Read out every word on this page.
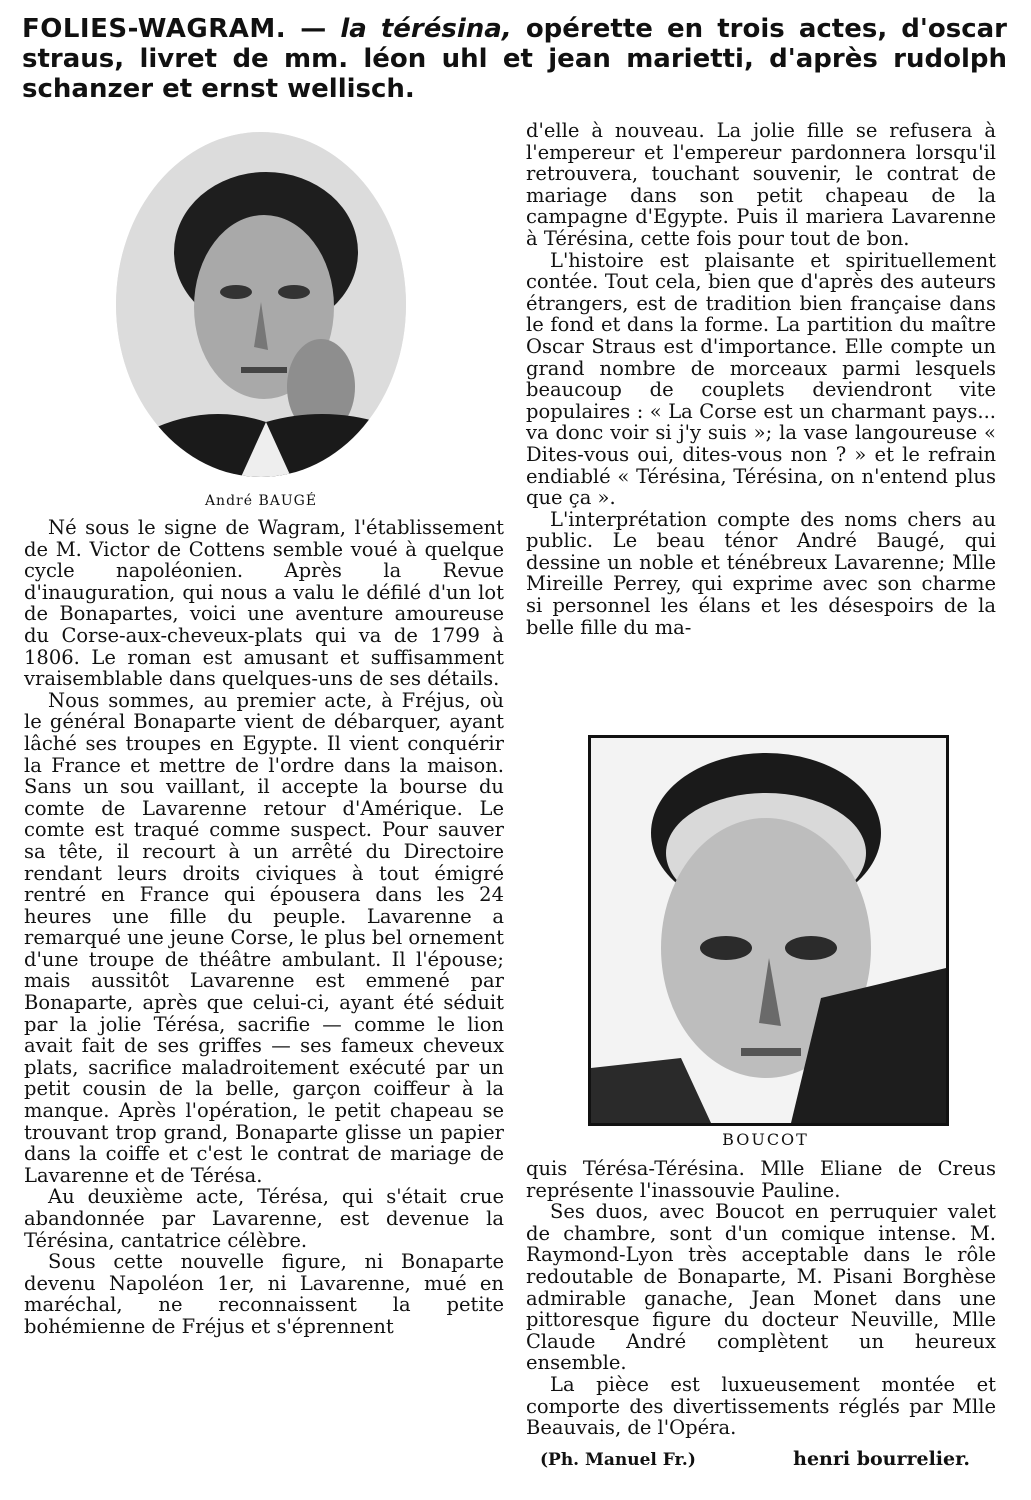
FOLIES-WAGRAM. — la térésina, opérette en trois actes, d'oscar straus, livret de mm. léon uhl et jean marietti, d'après rudolph schanzer et ernst wellisch.
André BAUGÉ

Né sous le signe de Wagram, l'établissement de M. Victor de Cottens semble voué à quelque cycle napoléonien. Après la Revue d'inauguration, qui nous a valu le défilé d'un lot de Bonapartes, voici une aventure amoureuse du Corse-aux-cheveux-plats qui va de 1799 à 1806. Le roman est amusant et suffisamment vraisemblable dans quelques-uns de ses détails.

Nous sommes, au premier acte, à Fréjus, où le général Bonaparte vient de débarquer, ayant lâché ses troupes en Egypte. Il vient conquérir la France et mettre de l'ordre dans la maison. Sans un sou vaillant, il accepte la bourse du comte de Lavarenne retour d'Amérique. Le comte est traqué comme suspect. Pour sauver sa tête, il recourt à un arrêté du Directoire rendant leurs droits civiques à tout émigré rentré en France qui épousera dans les 24 heures une fille du peuple. Lavarenne a remarqué une jeune Corse, le plus bel ornement d'une troupe de théâtre ambulant. Il l'épouse; mais aussitôt Lavarenne est emmené par Bonaparte, après que celui-ci, ayant été séduit par la jolie Térésa, sacrifie — comme le lion avait fait de ses griffes — ses fameux cheveux plats, sacrifice maladroitement exécuté par un petit cousin de la belle, garçon coiffeur à la manque. Après l'opération, le petit chapeau se trouvant trop grand, Bonaparte glisse un papier dans la coiffe et c'est le contrat de mariage de Lavarenne et de Térésa.

Au deuxième acte, Térésa, qui s'était crue abandonnée par Lavarenne, est devenue la Térésina, cantatrice célèbre.

Sous cette nouvelle figure, ni Bonaparte devenu Napoléon 1er, ni Lavarenne, mué en maréchal, ne reconnaissent la petite bohémienne de Fréjus et s'éprennent

d'elle à nouveau. La jolie fille se refusera à l'empereur et l'empereur pardonnera lorsqu'il retrouvera, touchant souvenir, le contrat de mariage dans son petit chapeau de la campagne d'Egypte. Puis il mariera Lavarenne à Térésina, cette fois pour tout de bon.

L'histoire est plaisante et spirituellement contée. Tout cela, bien que d'après des auteurs étrangers, est de tradition bien française dans le fond et dans la forme. La partition du maître Oscar Straus est d'importance. Elle compte un grand nombre de morceaux parmi lesquels beaucoup de couplets deviendront vite populaires : « La Corse est un charmant pays... va donc voir si j'y suis »; la vase langoureuse « Dites-vous oui, dites-vous non ? » et le refrain endiablé « Térésina, Térésina, on n'entend plus que ça ».

L'interprétation compte des noms chers au public. Le beau ténor André Baugé, qui dessine un noble et ténébreux Lavarenne; Mlle Mireille Perrey, qui exprime avec son charme si personnel les élans et les désespoirs de la belle fille du ma-

BOUCOT

quis Térésa-Térésina. Mlle Eliane de Creus représente l'inassouvie Pauline.

Ses duos, avec Boucot en perruquier valet de chambre, sont d'un comique intense. M. Raymond-Lyon très acceptable dans le rôle redoutable de Bonaparte, M. Pisani Borghèse admirable ganache, Jean Monet dans une pittoresque figure du docteur Neuville, Mlle Claude André complètent un heureux ensemble.

La pièce est luxueusement montée et comporte des divertissements réglés par Mlle Beauvais, de l'Opéra.

(Ph. Manuel Fr.)	henri bourrelier.
